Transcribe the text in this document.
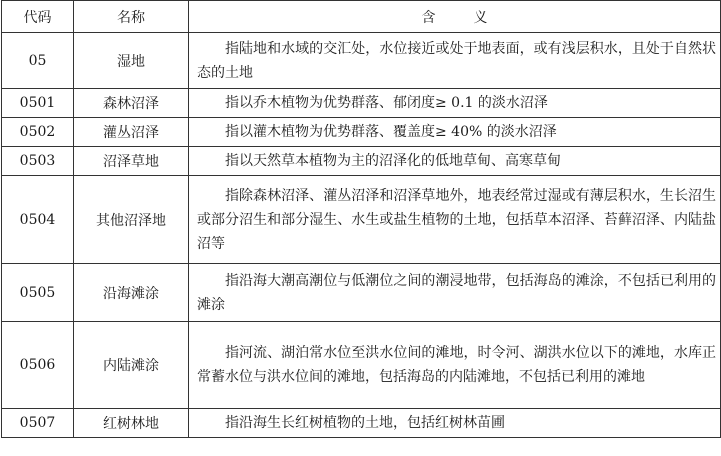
代码	名称	含 义
05	湿地	指陆地和水域的交汇处，水位接近或处于地表面，或有浅层积水，且处于自然状态的土地

0501	森林沼泽	指以乔木植物为优势群落、郁闭度≥ 0.1 的淡水沼泽

0502	灌丛沼泽	指以灌木植物为优势群落、覆盖度≥ 40% 的淡水沼泽

0503	沼泽草地	指以天然草本植物为主的沼泽化的低地草甸、高寒草甸

0504	其他沼泽地	指除森林沼泽、灌丛沼泽和沼泽草地外，地表经常过湿或有薄层积水，生长沼生或部分沼生和部分湿生、水生或盐生植物的土地，包括草本沼泽、苔藓沼泽、内陆盐沼等

0505	沿海滩涂	指沿海大潮高潮位与低潮位之间的潮浸地带，包括海岛的滩涂，不包括已利用的滩涂

0506	内陆滩涂	指河流、湖泊常水位至洪水位间的滩地，时令河、湖洪水位以下的滩地，水库正常蓄水位与洪水位间的滩地，包括海岛的内陆滩地，不包括已利用的滩地

0507	红树林地	指沿海生长红树植物的土地，包括红树林苗圃
